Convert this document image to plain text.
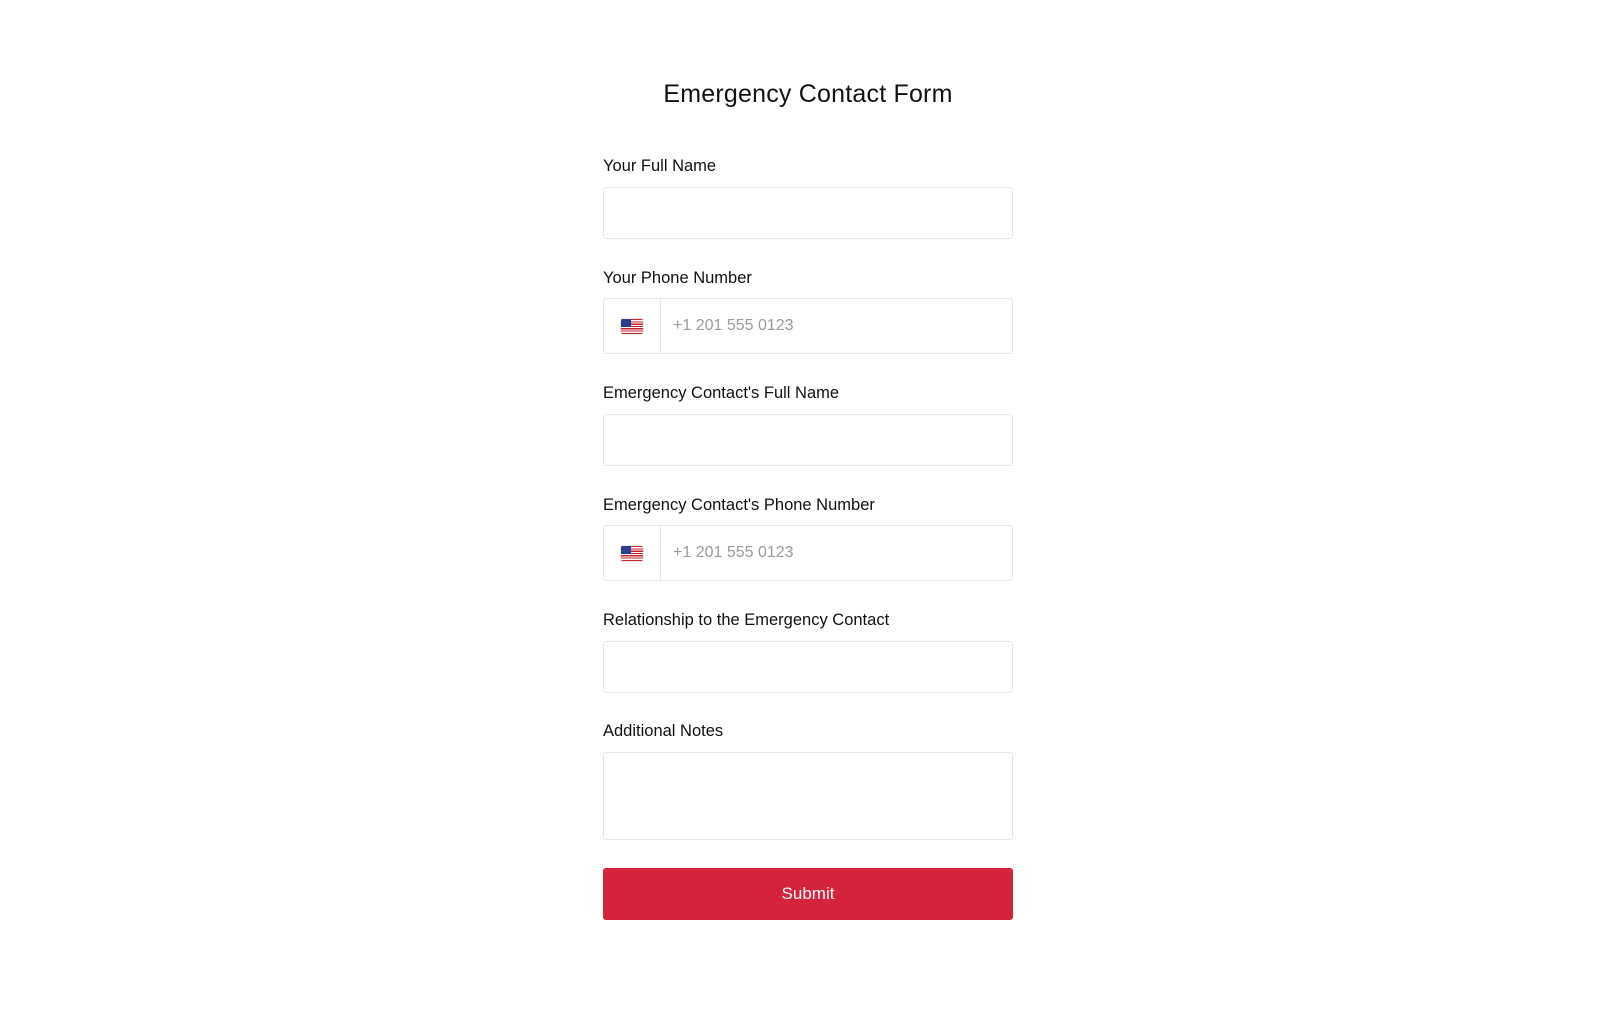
Emergency Contact Form
Your Full Name
Your Phone Number
+1 201 555 0123
Emergency Contact's Full Name
Emergency Contact's Phone Number
+1 201 555 0123
Relationship to the Emergency Contact
Additional Notes
Submit
